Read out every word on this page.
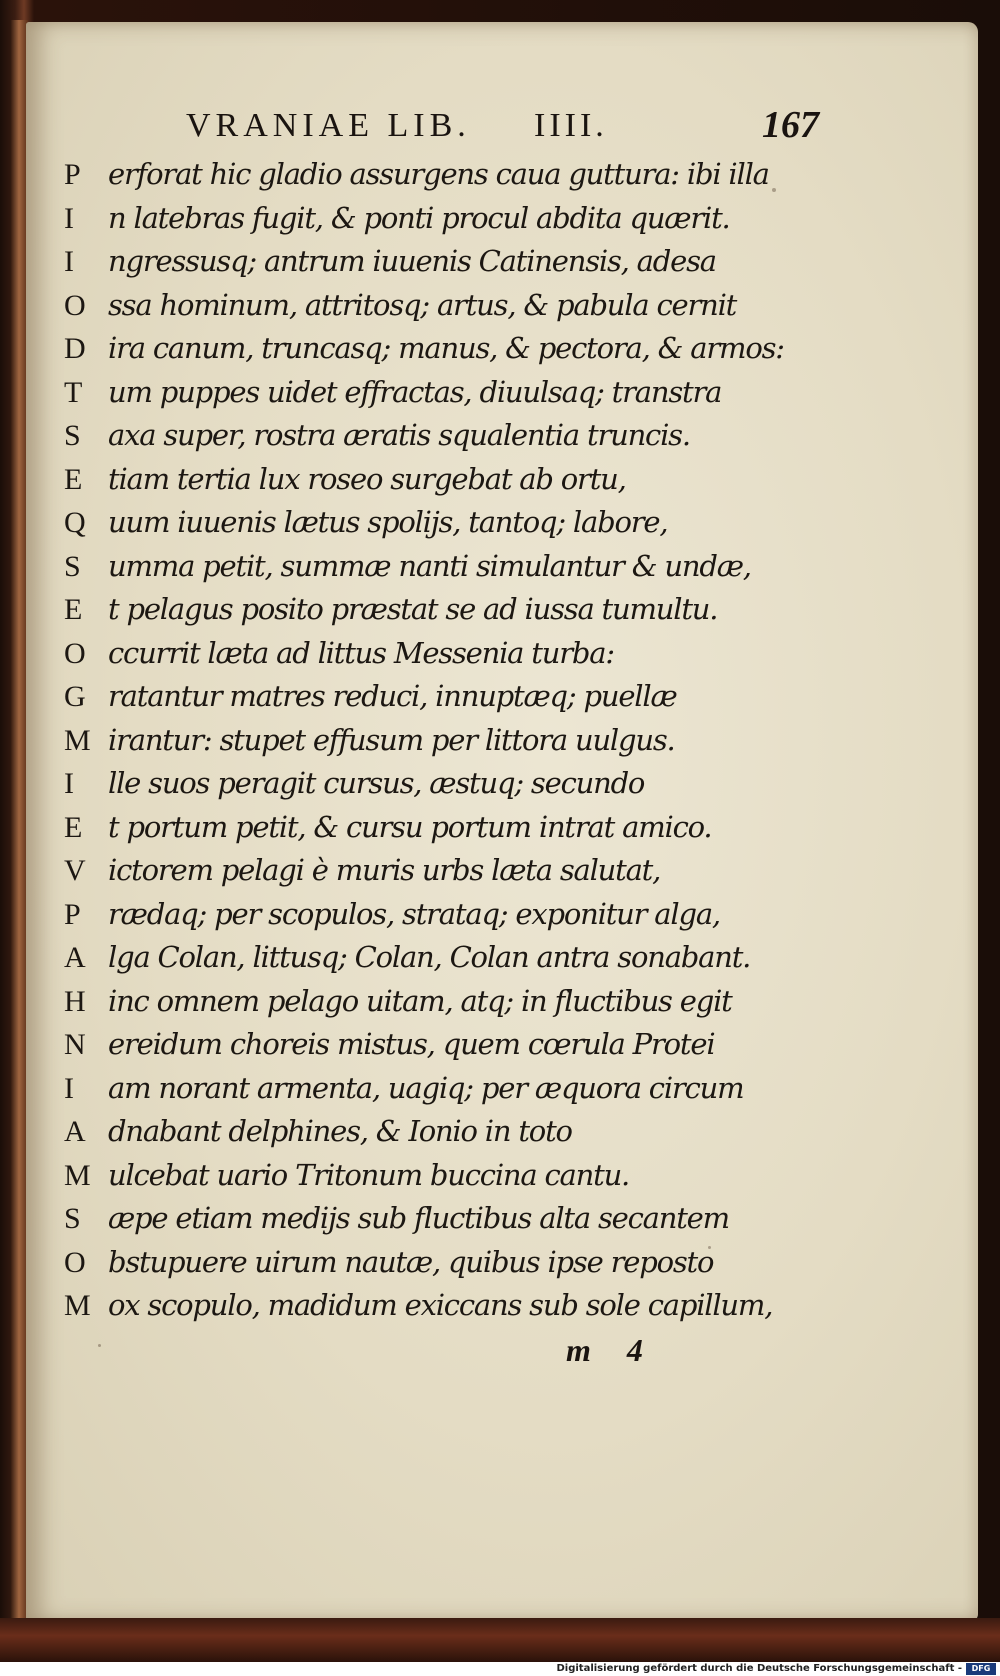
VRANIAE LIB. IIII.	167
P erforat hic gladio assurgens caua guttura: ibi illa
I	n latebras fugit, & ponti procul abdita quærit.
I	ngressusq; antrum iuuenis Catinensis, adesa
O ssa hominum, attritosq; artus, & pabula cernit
D ira canum, truncasq; manus, & pectora, & armos:
T um puppes uidet effractas, diuulsaq; transtra
S axa super, rostra æratis squalentia truncis.
E tiam tertia lux roseo surgebat ab ortu,
Q uum iuuenis lætus spolijs, tantoq; labore,
S umma petit, summæ nanti simulantur & undæ,
E t pelagus posito præstat se ad iussa tumultu.
O ccurrit læta ad littus Messenia turba:
G ratantur matres reduci, innuptæq; puellæ
M irantur: stupet effusum per littora uulgus.
I	lle suos peragit cursus, æstuq; secundo
E t portum petit, & cursu portum intrat amico.
V ictorem pelagi è muris urbs læta salutat,
P rædaq; per scopulos, strataq; exponitur alga,
A lga Colan, littusq; Colan, Colan antra sonabant.
H inc omnem pelago uitam, atq; in fluctibus egit
N ereidum choreis mistus, quem cœrula Protei
I	am norant armenta, uagiq; per æquora circum
A dnabant delphines, & Ionio in toto
M ulcebat uario Tritonum buccina cantu.
S æpe etiam medijs sub fluctibus alta secantem
O bstupuere uirum nautæ, quibus ipse reposto
M ox scopulo, madidum exiccans sub sole capillum,
m 4
Digitalisierung gefördert durch die Deutsche Forschungsgemeinschaft -	DFG
